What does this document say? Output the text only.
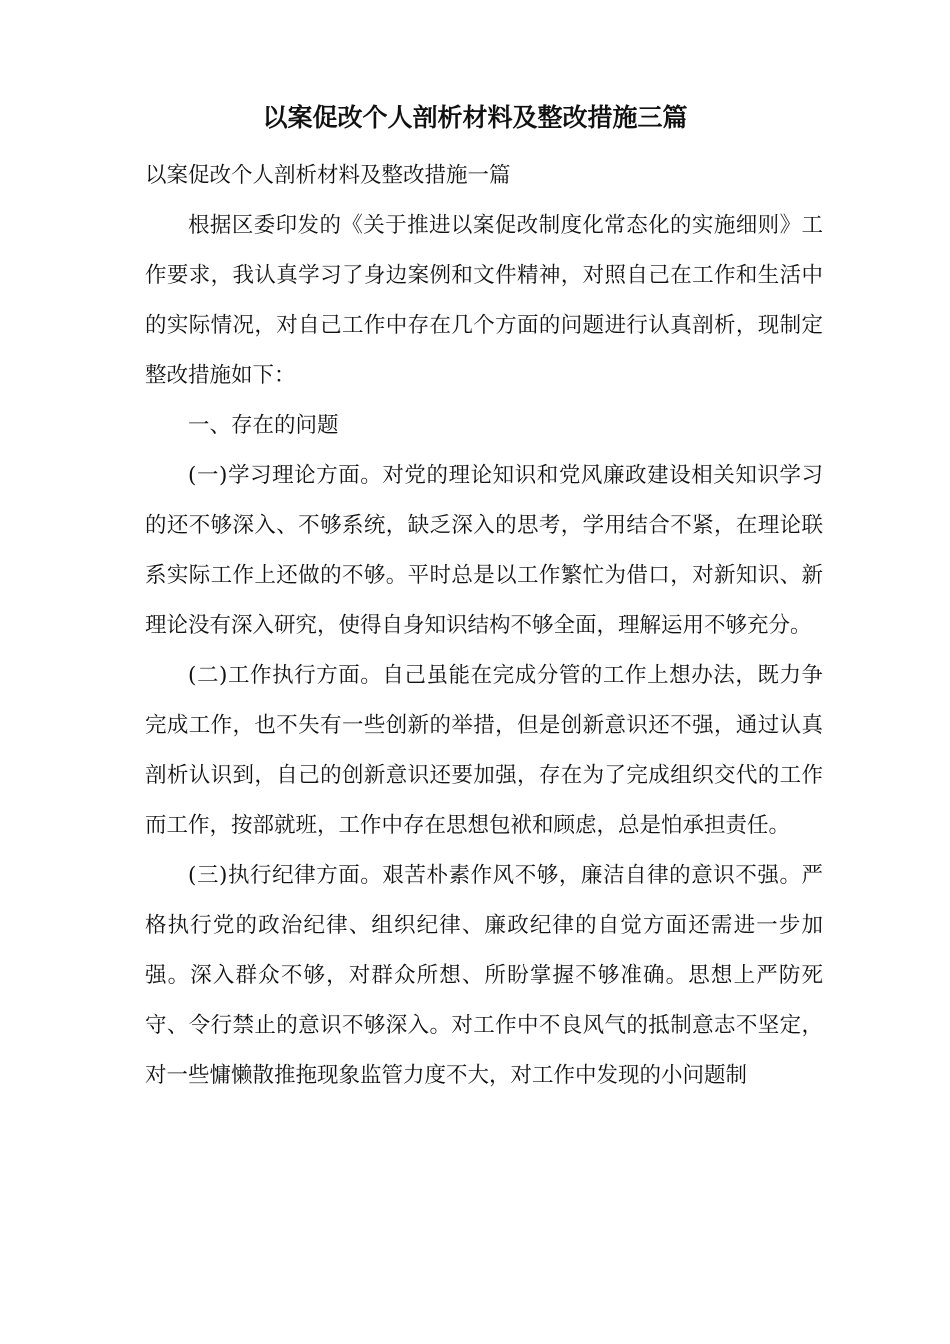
以案促改个人剖析材料及整改措施三篇

以案促改个人剖析材料及整改措施一篇

根据区委印发的《关于推进以案促改制度化常态化的实施细则》工作要求，我认真学习了身边案例和文件精神，对照自己在工作和生活中的实际情况，对自己工作中存在几个方面的问题进行认真剖析，现制定整改措施如下：

一、存在的问题

(一)学习理论方面。对党的理论知识和党风廉政建设相关知识学习的还不够深入、不够系统，缺乏深入的思考，学用结合不紧，在理论联系实际工作上还做的不够。平时总是以工作繁忙为借口，对新知识、新理论没有深入研究，使得自身知识结构不够全面，理解运用不够充分。

(二)工作执行方面。自己虽能在完成分管的工作上想办法，既力争完成工作，也不失有一些创新的举措，但是创新意识还不强，通过认真剖析认识到，自己的创新意识还要加强，存在为了完成组织交代的工作而工作，按部就班，工作中存在思想包袱和顾虑，总是怕承担责任。

(三)执行纪律方面。艰苦朴素作风不够，廉洁自律的意识不强。严格执行党的政治纪律、组织纪律、廉政纪律的自觉方面还需进一步加强。深入群众不够，对群众所想、所盼掌握不够准确。思想上严防死守、令行禁止的意识不够深入。对工作中不良风气的抵制意志不坚定，对一些慵懒散推拖现象监管力度不大，对工作中发现的小问题制
